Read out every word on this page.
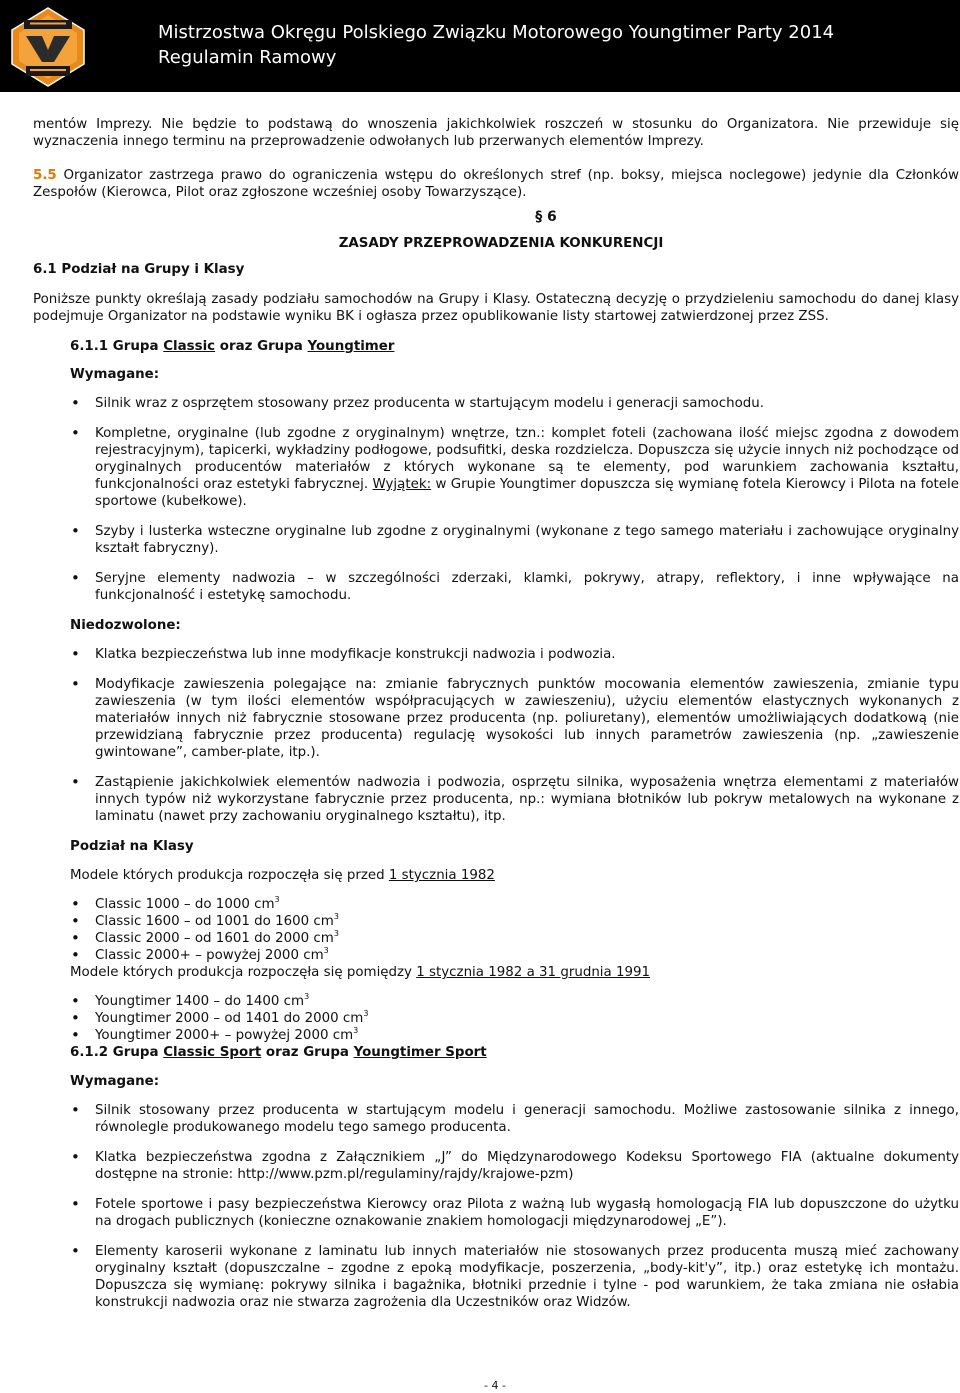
Mistrzostwa Okręgu Polskiego Związku Motorowego Youngtimer Party 2014
Regulamin Ramowy

mentów Imprezy. Nie będzie to podstawą do wnoszenia jakichkolwiek roszczeń w stosunku do Organizatora. Nie przewiduje się wyznaczenia innego terminu na przeprowadzenie odwołanych lub przerwanych elementów Imprezy.

5.5 Organizator zastrzega prawo do ograniczenia wstępu do określonych stref (np. boksy, miejsca noclegowe) jedynie dla Członków Zespołów (Kierowca, Pilot oraz zgłoszone wcześniej osoby Towarzyszące).

§ 6
ZASADY PRZEPROWADZENIA KONKURENCJI
6.1 Podział na Grupy i Klasy

Poniższe punkty określają zasady podziału samochodów na Grupy i Klasy. Ostateczną decyzję o przydzieleniu samochodu do danej klasy podejmuje Organizator na podstawie wyniku BK i ogłasza przez opublikowanie listy startowej zatwierdzonej przez ZSS.

6.1.1 Grupa Classic oraz Grupa Youngtimer
Wymagane:
• Silnik wraz z osprzętem stosowany przez producenta w startującym modelu i generacji samochodu.
• Kompletne, oryginalne (lub zgodne z oryginalnym) wnętrze, tzn.: komplet foteli (zachowana ilość miejsc zgodna z dowodem rejestracyjnym), tapicerki, wykładziny podłogowe, podsufitki, deska rozdzielcza. Dopuszcza się użycie innych niż pochodzące od oryginalnych producentów materiałów z których wykonane są te elementy, pod warunkiem zachowania kształtu, funkcjonalności oraz estetyki fabrycznej. Wyjątek: w Grupie Youngtimer dopuszcza się wymianę fotela Kierowcy i Pilota na fotele sportowe (kubełkowe).
• Szyby i lusterka wsteczne oryginalne lub zgodne z oryginalnymi (wykonane z tego samego materiału i zachowujące oryginalny kształt fabryczny).
• Seryjne elementy nadwozia – w szczególności zderzaki, klamki, pokrywy, atrapy, reflektory, i inne wpływające na funkcjonalność i estetykę samochodu.
Niedozwolone:
• Klatka bezpieczeństwa lub inne modyfikacje konstrukcji nadwozia i podwozia.
• Modyfikacje zawieszenia polegające na: zmianie fabrycznych punktów mocowania elementów zawieszenia, zmianie typu zawieszenia (w tym ilości elementów współpracujących w zawieszeniu), użyciu elementów elastycznych wykonanych z materiałów innych niż fabrycznie stosowane przez producenta (np. poliuretany), elementów umożliwiających dodatkową (nie przewidzianą fabrycznie przez producenta) regulację wysokości lub innych parametrów zawieszenia (np. „zawieszenie gwintowane”, camber-plate, itp.).
• Zastąpienie jakichkolwiek elementów nadwozia i podwozia, osprzętu silnika, wyposażenia wnętrza elementami z materiałów innych typów niż wykorzystane fabrycznie przez producenta, np.: wymiana błotników lub pokryw metalowych na wykonane z laminatu (nawet przy zachowaniu oryginalnego kształtu), itp.
Podział na Klasy

Modele których produkcja rozpoczęła się przed 1 stycznia 1982

• Classic 1000 – do 1000 $cm^3$
• Classic 1600 – od 1001 do 1600 $cm^3$
• Classic 2000 – od 1601 do 2000 $cm^3$
• Classic 2000+ – powyżej 2000 $cm^3$

Modele których produkcja rozpoczęła się pomiędzy 1 stycznia 1982 a 31 grudnia 1991

• Youngtimer 1400 – do 1400 $cm^3$
• Youngtimer 2000 – od 1401 do 2000 $cm^3$
• Youngtimer 2000+ – powyżej 2000 $cm^3$
6.1.2 Grupa Classic Sport oraz Grupa Youngtimer Sport
Wymagane:
• Silnik stosowany przez producenta w startującym modelu i generacji samochodu. Możliwe zastosowanie silnika z innego, równolegle produkowanego modelu tego samego producenta.
• Klatka bezpieczeństwa zgodna z Załącznikiem „J” do Międzynarodowego Kodeksu Sportowego FIA (aktualne dokumenty dostępne na stronie: http://www.pzm.pl/regulaminy/rajdy/krajowe-pzm)
• Fotele sportowe i pasy bezpieczeństwa Kierowcy oraz Pilota z ważną lub wygasłą homologacją FIA lub dopuszczone do użytku na drogach publicznych (konieczne oznakowanie znakiem homologacji międzynarodowej „E”).
• Elementy karoserii wykonane z laminatu lub innych materiałów nie stosowanych przez producenta muszą mieć zachowany oryginalny kształt (dopuszczalne – zgodne z epoką modyfikacje, poszerzenia, „body-kit'y”, itp.) oraz estetykę ich montażu. Dopuszcza się wymianę: pokrywy silnika i bagażnika, błotniki przednie i tylne - pod warunkiem, że taka zmiana nie osłabia konstrukcji nadwozia oraz nie stwarza zagrożenia dla Uczestników oraz Widzów.
- 4 -
